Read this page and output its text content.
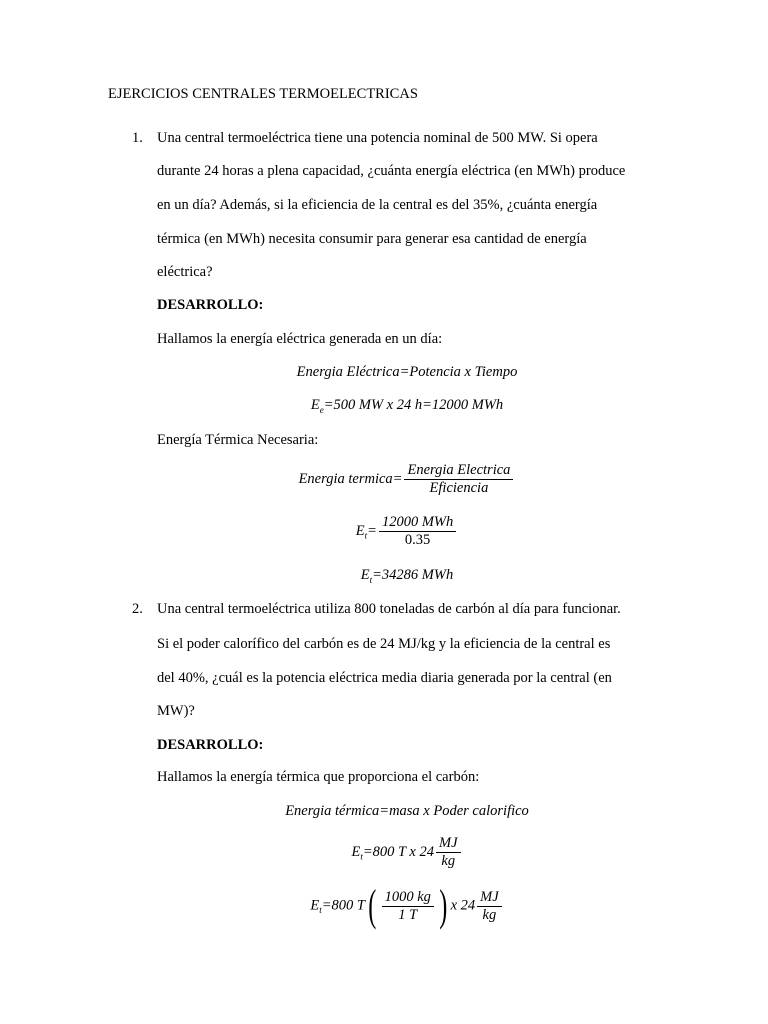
EJERCICIOS CENTRALES TERMOELECTRICAS
1. Una central termoeléctrica tiene una potencia nominal de 500 MW. Si opera
durante 24 horas a plena capacidad, ¿cuánta energía eléctrica (en MWh) produce
en un día? Además, si la eficiencia de la central es del 35%, ¿cuánta energía
térmica (en MWh) necesita consumir para generar esa cantidad de energía
eléctrica?
DESARROLLO:
Hallamos la energía eléctrica generada en un día:
Energia Eléctrica=Potencia x Tiempo
$E_e=500$ MW x 24 h=12000 MWh
Energía Térmica Necesaria:
Energia termica= $\frac{\text{Energia Electrica}}{\text{Eficiencia}}$
$E_t= \frac{\text{12000 MWh}}{0.35}$
$E_t=34286$ MWh
2. Una central termoeléctrica utiliza 800 toneladas de carbón al día para funcionar.
Si el poder calorífico del carbón es de 24 MJ/kg y la eficiencia de la central es
del 40%, ¿cuál es la potencia eléctrica media diaria generada por la central (en
MW)?
DESARROLLO:
Hallamos la energía térmica que proporciona el carbón:
Energia térmica=masa x Poder calorifico
$E_t=800$ T x $24 \frac{MJ}{kg}$
$E_t=800$ $T( \frac{1000 kg}{1 T}$ ) x $24 \frac{MJ}{kg}$
